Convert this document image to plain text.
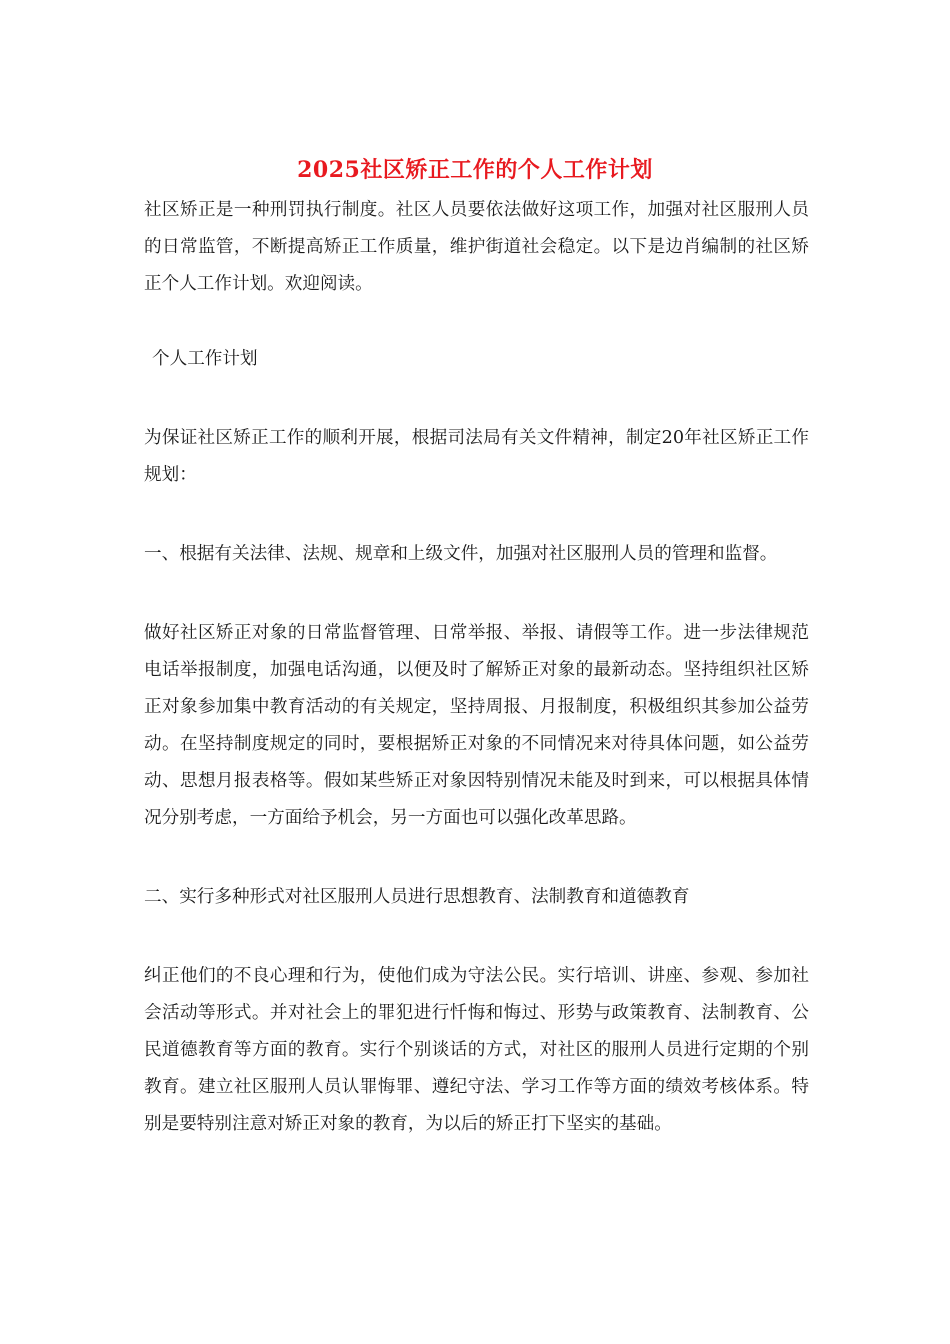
2025社区矫正工作的个人工作计划

社区矫正是一种刑罚执行制度。社区人员要依法做好这项工作，加强对社区服刑人员的日常监管，不断提高矫正工作质量，维护街道社会稳定。以下是边肖编制的社区矫正个人工作计划。欢迎阅读。

个人工作计划

为保证社区矫正工作的顺利开展，根据司法局有关文件精神，制定20年社区矫正工作规划：

一、根据有关法律、法规、规章和上级文件，加强对社区服刑人员的管理和监督。

做好社区矫正对象的日常监督管理、日常举报、举报、请假等工作。进一步法律规范电话举报制度，加强电话沟通，以便及时了解矫正对象的最新动态。坚持组织社区矫正对象参加集中教育活动的有关规定，坚持周报、月报制度，积极组织其参加公益劳动。在坚持制度规定的同时，要根据矫正对象的不同情况来对待具体问题，如公益劳动、思想月报表格等。假如某些矫正对象因特别情况未能及时到来，可以根据具体情况分别考虑，一方面给予机会，另一方面也可以强化改革思路。

二、实行多种形式对社区服刑人员进行思想教育、法制教育和道德教育

纠正他们的不良心理和行为，使他们成为守法公民。实行培训、讲座、参观、参加社会活动等形式。并对社会上的罪犯进行忏悔和悔过、形势与政策教育、法制教育、公民道德教育等方面的教育。实行个别谈话的方式，对社区的服刑人员进行定期的个别教育。建立社区服刑人员认罪悔罪、遵纪守法、学习工作等方面的绩效考核体系。特别是要特别注意对矫正对象的教育，为以后的矫正打下坚实的基础。
